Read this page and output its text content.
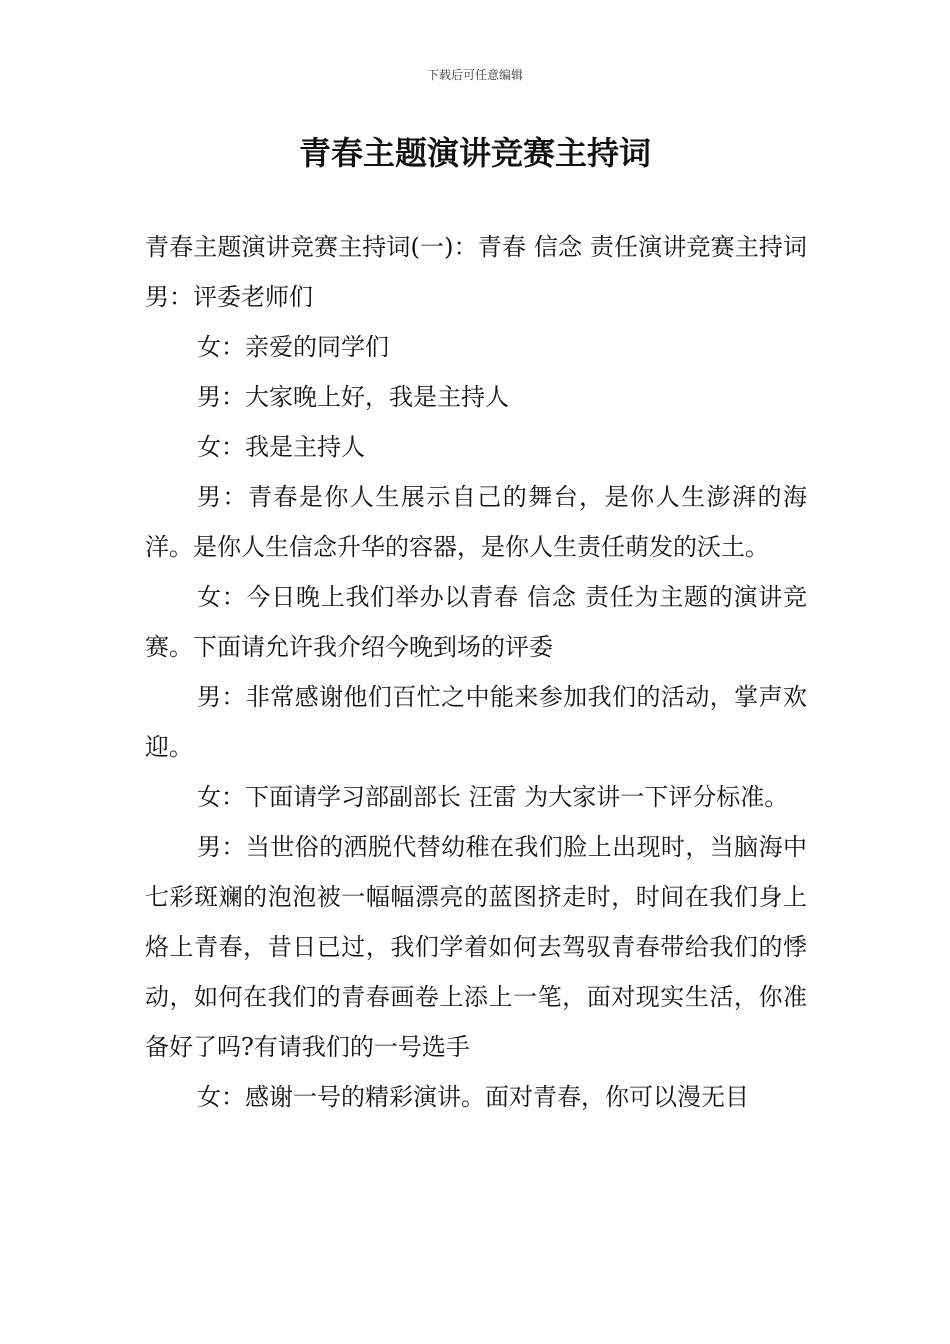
下载后可任意编辑
青春主题演讲竞赛主持词

青春主题演讲竞赛主持词(一)：青春 信念 责任演讲竞赛主持词　　男：评委老师们

女：亲爱的同学们

男：大家晚上好，我是主持人

女：我是主持人

男：青春是你人生展示自己的舞台，是你人生澎湃的海洋。是你人生信念升华的容器，是你人生责任萌发的沃土。

女：今日晚上我们举办以青春 信念 责任为主题的演讲竞赛。下面请允许我介绍今晚到场的评委

男：非常感谢他们百忙之中能来参加我们的活动，掌声欢迎。

女：下面请学习部副部长 汪雷 为大家讲一下评分标准。

男：当世俗的洒脱代替幼稚在我们脸上出现时，当脑海中七彩斑斓的泡泡被一幅幅漂亮的蓝图挤走时，时间在我们身上烙上青春，昔日已过，我们学着如何去驾驭青春带给我们的悸动，如何在我们的青春画卷上添上一笔，面对现实生活，你准备好了吗?有请我们的一号选手

女：感谢一号的精彩演讲。面对青春，你可以漫无目
